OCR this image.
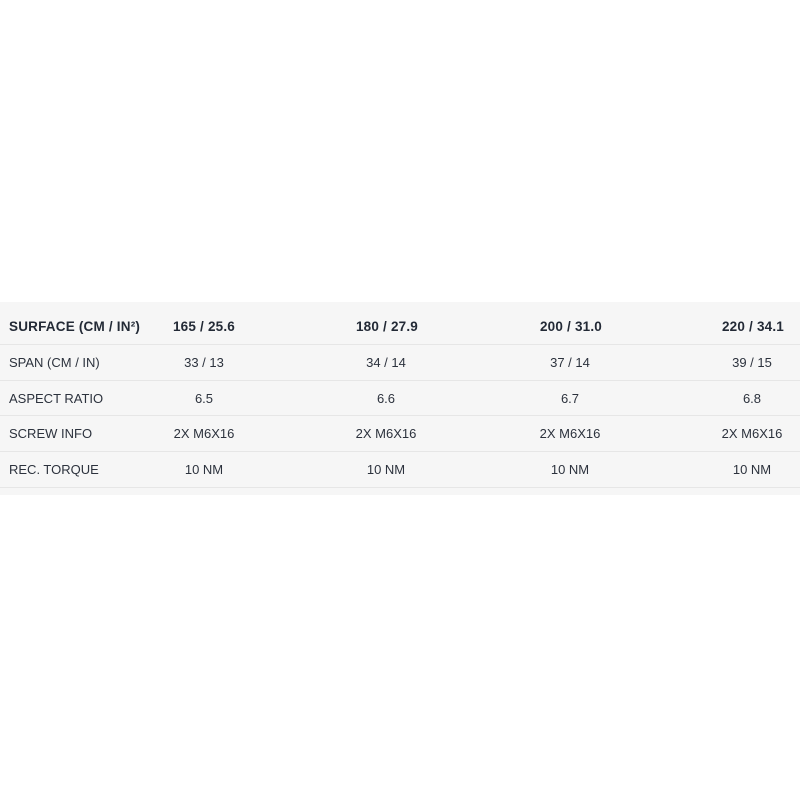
SURFACE (CM / IN²)	165 / 25.6	180 / 27.9	200 / 31.0	220 / 34.1
SPAN (CM / IN)	33 / 13	34 / 14	37 / 14	39 / 15
ASPECT RATIO	6.5	6.6	6.7	6.8
SCREW INFO	2X M6X16	2X M6X16	2X M6X16	2X M6X16
REC. TORQUE	10 NM	10 NM	10 NM	10 NM
